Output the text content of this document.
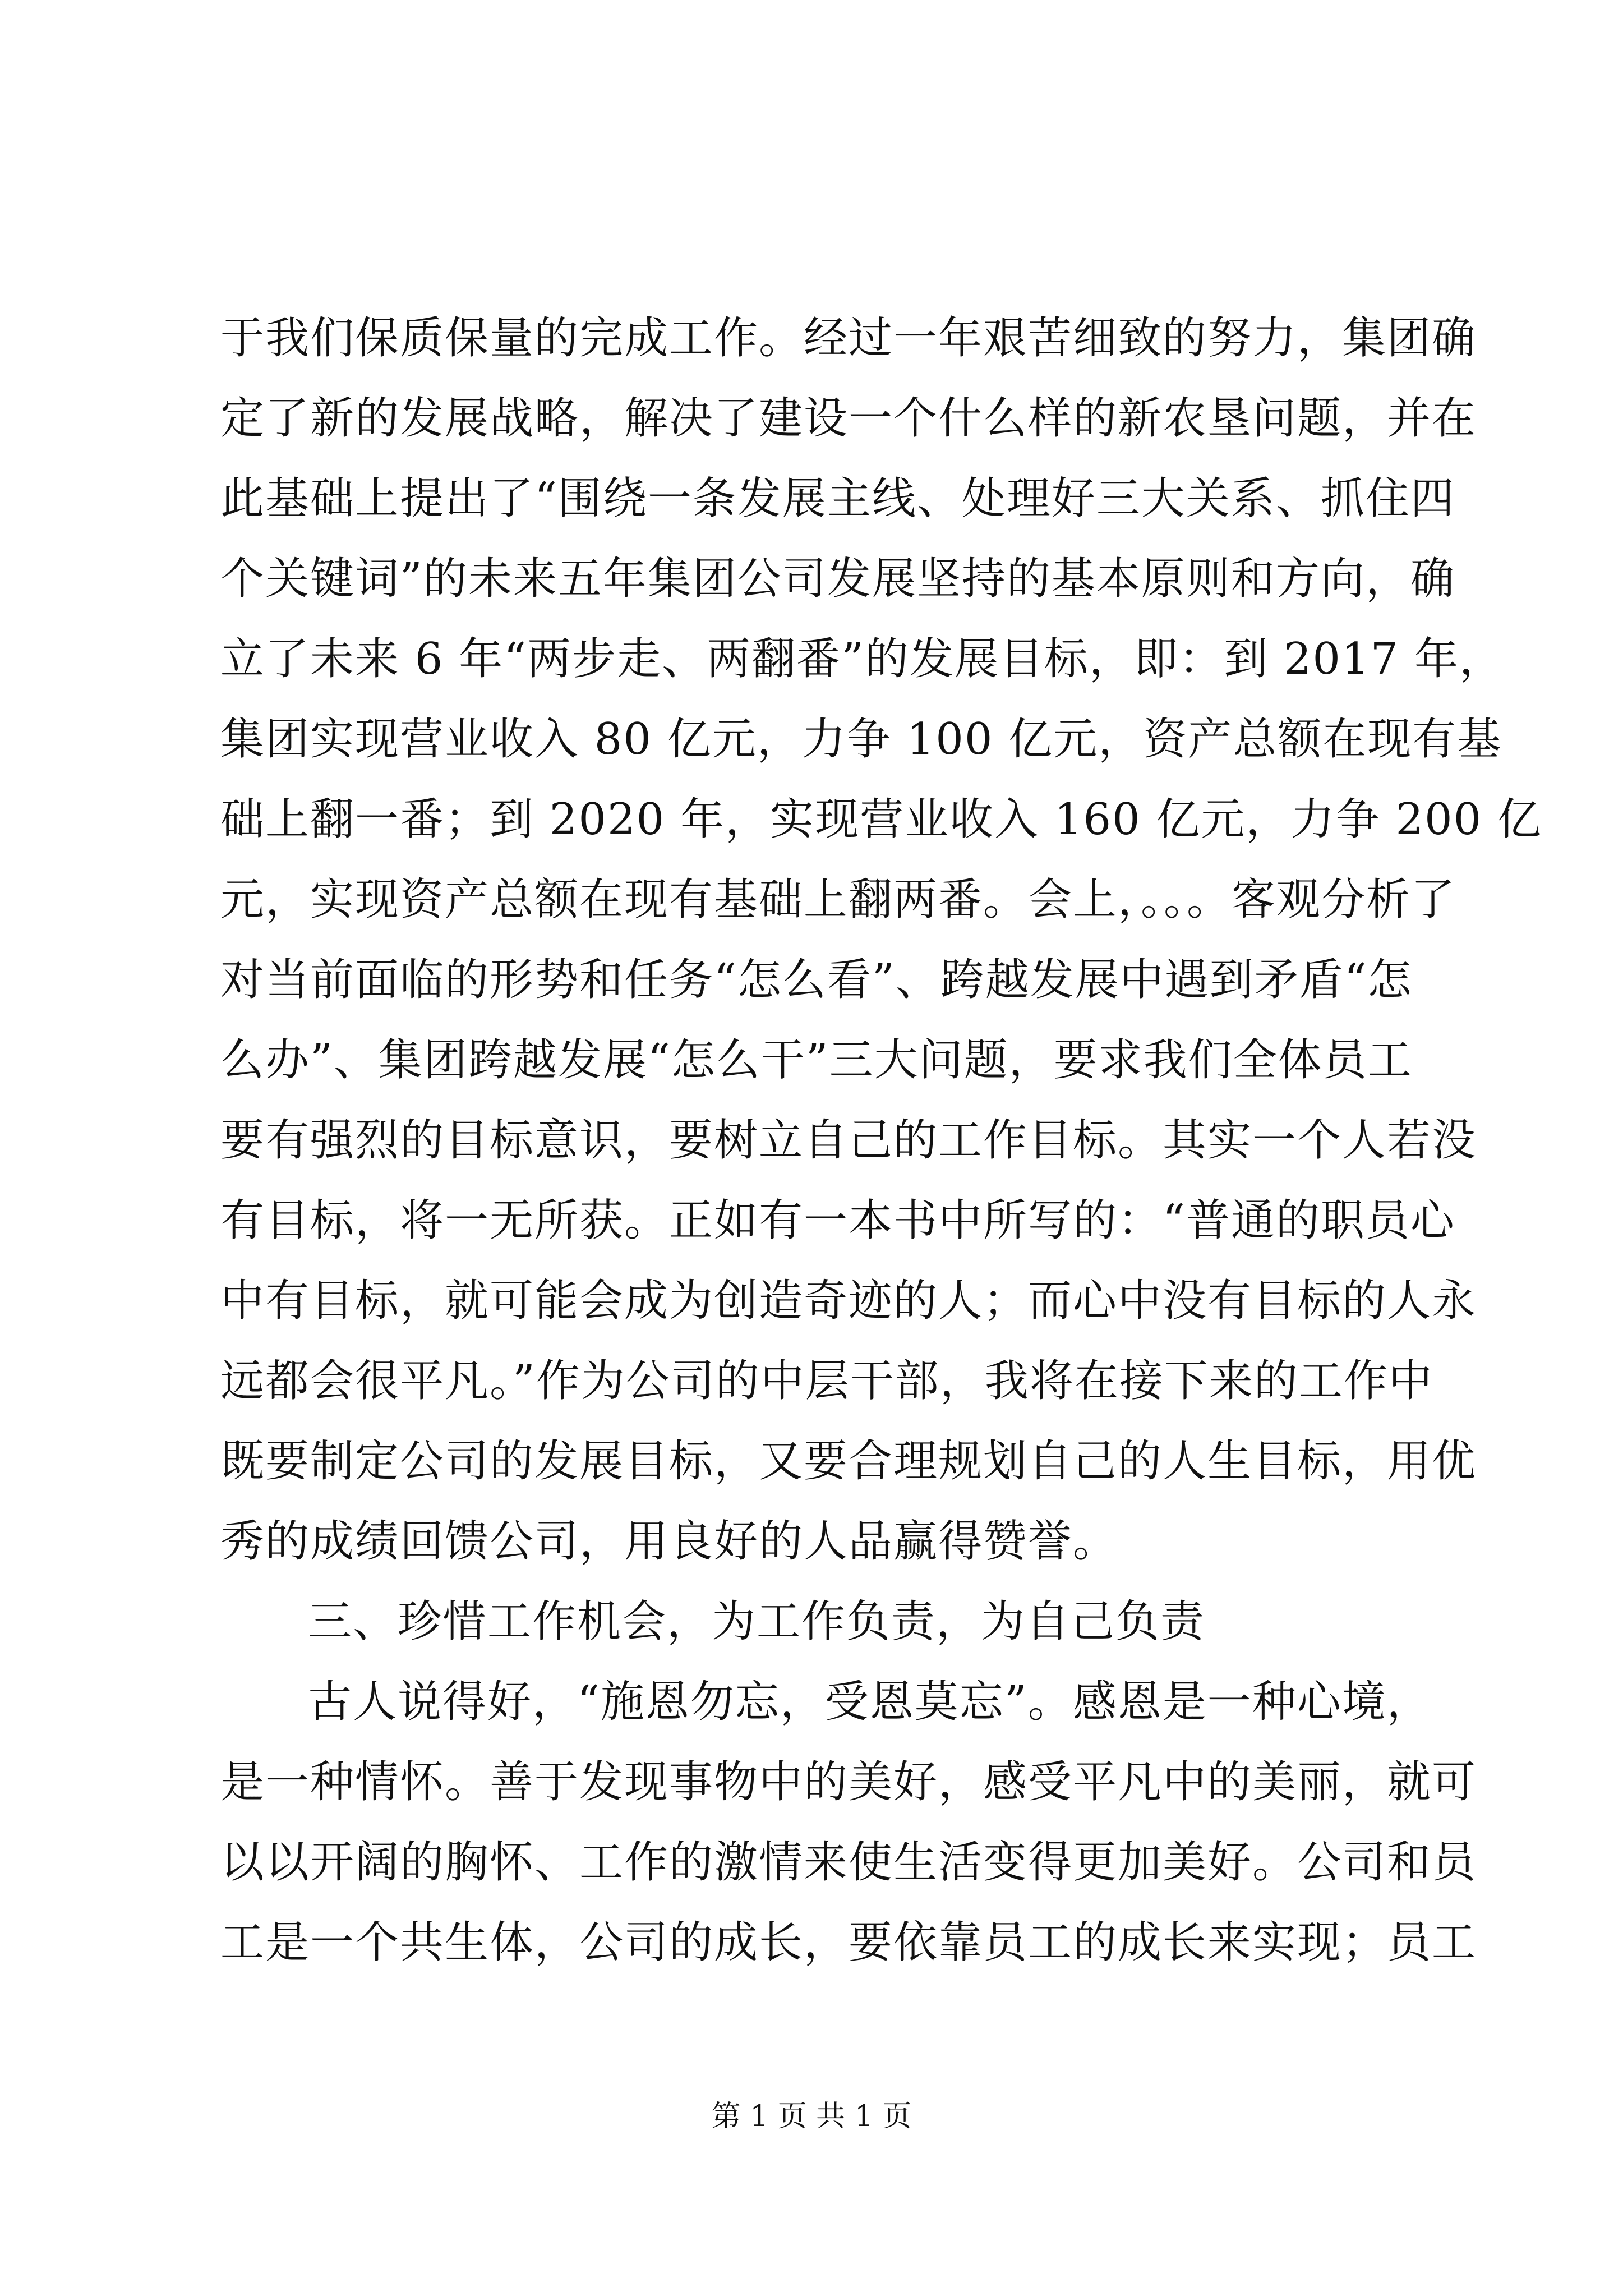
于我们保质保量的完成工作。经过一年艰苦细致的努力，集团确
定了新的发展战略，解决了建设一个什么样的新农垦问题，并在
此基础上提出了“围绕一条发展主线、处理好三大关系、抓住四
个关键词”的未来五年集团公司发展坚持的基本原则和方向，确
立了未来 6 年“两步走、两翻番”的发展目标，即：到 2017 年，
集团实现营业收入 80 亿元，力争 100 亿元，资产总额在现有基
础上翻一番；到 2020 年，实现营业收入 160 亿元，力争 200 亿
元，实现资产总额在现有基础上翻两番。会上，。。。客观分析了
对当前面临的形势和任务“怎么看”、跨越发展中遇到矛盾“怎
么办”、集团跨越发展“怎么干”三大问题，要求我们全体员工
要有强烈的目标意识，要树立自己的工作目标。其实一个人若没
有目标，将一无所获。正如有一本书中所写的：“普通的职员心
中有目标，就可能会成为创造奇迹的人；而心中没有目标的人永
远都会很平凡。”作为公司的中层干部，我将在接下来的工作中
既要制定公司的发展目标，又要合理规划自己的人生目标，用优
秀的成绩回馈公司，用良好的人品赢得赞誉。
三、珍惜工作机会，为工作负责，为自己负责
古人说得好，“施恩勿忘，受恩莫忘”。感恩是一种心境，
是一种情怀。善于发现事物中的美好，感受平凡中的美丽，就可
以以开阔的胸怀、工作的激情来使生活变得更加美好。公司和员
工是一个共生体，公司的成长，要依靠员工的成长来实现；员工
第 1 页 共 1 页
